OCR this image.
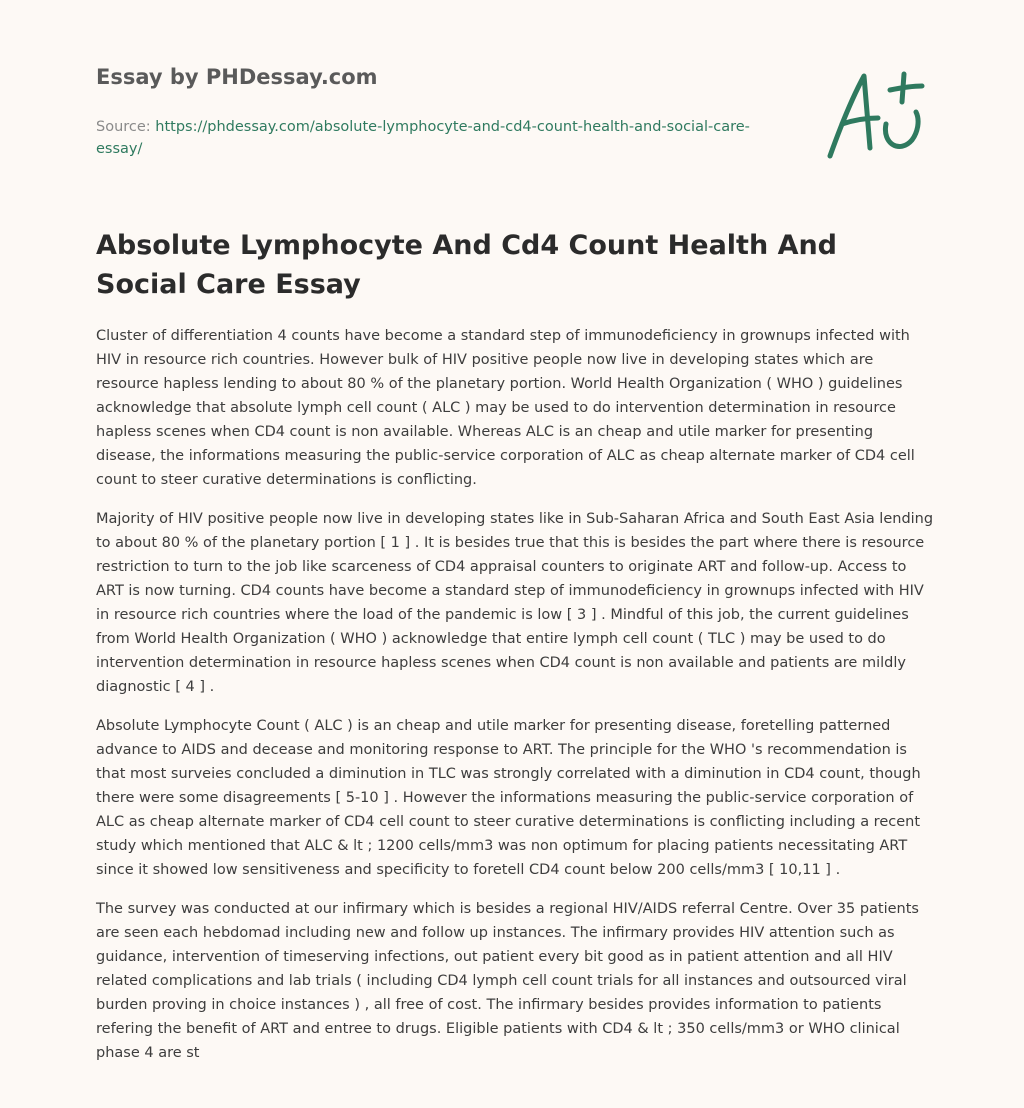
Essay by PHDessay.com
Source: https://phdessay.com/absolute-lymphocyte-and-cd4-count-health-and-social-care-essay/
Absolute Lymphocyte And Cd4 Count Health And Social Care Essay

Cluster of differentiation 4 counts have become a standard step of immunodeficiency in grownups infected with HIV in resource rich countries. However bulk of HIV positive people now live in developing states which are resource hapless lending to about 80 % of the planetary portion. World Health Organization ( WHO ) guidelines acknowledge that absolute lymph cell count ( ALC ) may be used to do intervention determination in resource hapless scenes when CD4 count is non available. Whereas ALC is an cheap and utile marker for presenting disease, the informations measuring the public-service corporation of ALC as cheap alternate marker of CD4 cell count to steer curative determinations is conflicting.

Majority of HIV positive people now live in developing states like in Sub-Saharan Africa and South East Asia lending to about 80 % of the planetary portion [ 1 ] . It is besides true that this is besides the part where there is resource restriction to turn to the job like scarceness of CD4 appraisal counters to originate ART and follow-up. Access to ART is now turning. CD4 counts have become a standard step of immunodeficiency in grownups infected with HIV in resource rich countries where the load of the pandemic is low [ 3 ] . Mindful of this job, the current guidelines from World Health Organization ( WHO ) acknowledge that entire lymph cell count ( TLC ) may be used to do intervention determination in resource hapless scenes when CD4 count is non available and patients are mildly diagnostic [ 4 ] .

Absolute Lymphocyte Count ( ALC ) is an cheap and utile marker for presenting disease, foretelling patterned advance to AIDS and decease and monitoring response to ART. The principle for the WHO 's recommendation is that most surveies concluded a diminution in TLC was strongly correlated with a diminution in CD4 count, though there were some disagreements [ 5-10 ] . However the informations measuring the public-service corporation of ALC as cheap alternate marker of CD4 cell count to steer curative determinations is conflicting including a recent study which mentioned that ALC & lt ; 1200 cells/mm3 was non optimum for placing patients necessitating ART since it showed low sensitiveness and specificity to foretell CD4 count below 200 cells/mm3 [ 10,11 ] .

The survey was conducted at our infirmary which is besides a regional HIV/AIDS referral Centre. Over 35 patients are seen each hebdomad including new and follow up instances. The infirmary provides HIV attention such as guidance, intervention of timeserving infections, out patient every bit good as in patient attention and all HIV related complications and lab trials ( including CD4 lymph cell count trials for all instances and outsourced viral burden proving in choice instances ) , all free of cost. The infirmary besides provides information to patients refering the benefit of ART and entree to drugs. Eligible patients with CD4 & lt ; 350 cells/mm3 or WHO clinical phase 4 are st
